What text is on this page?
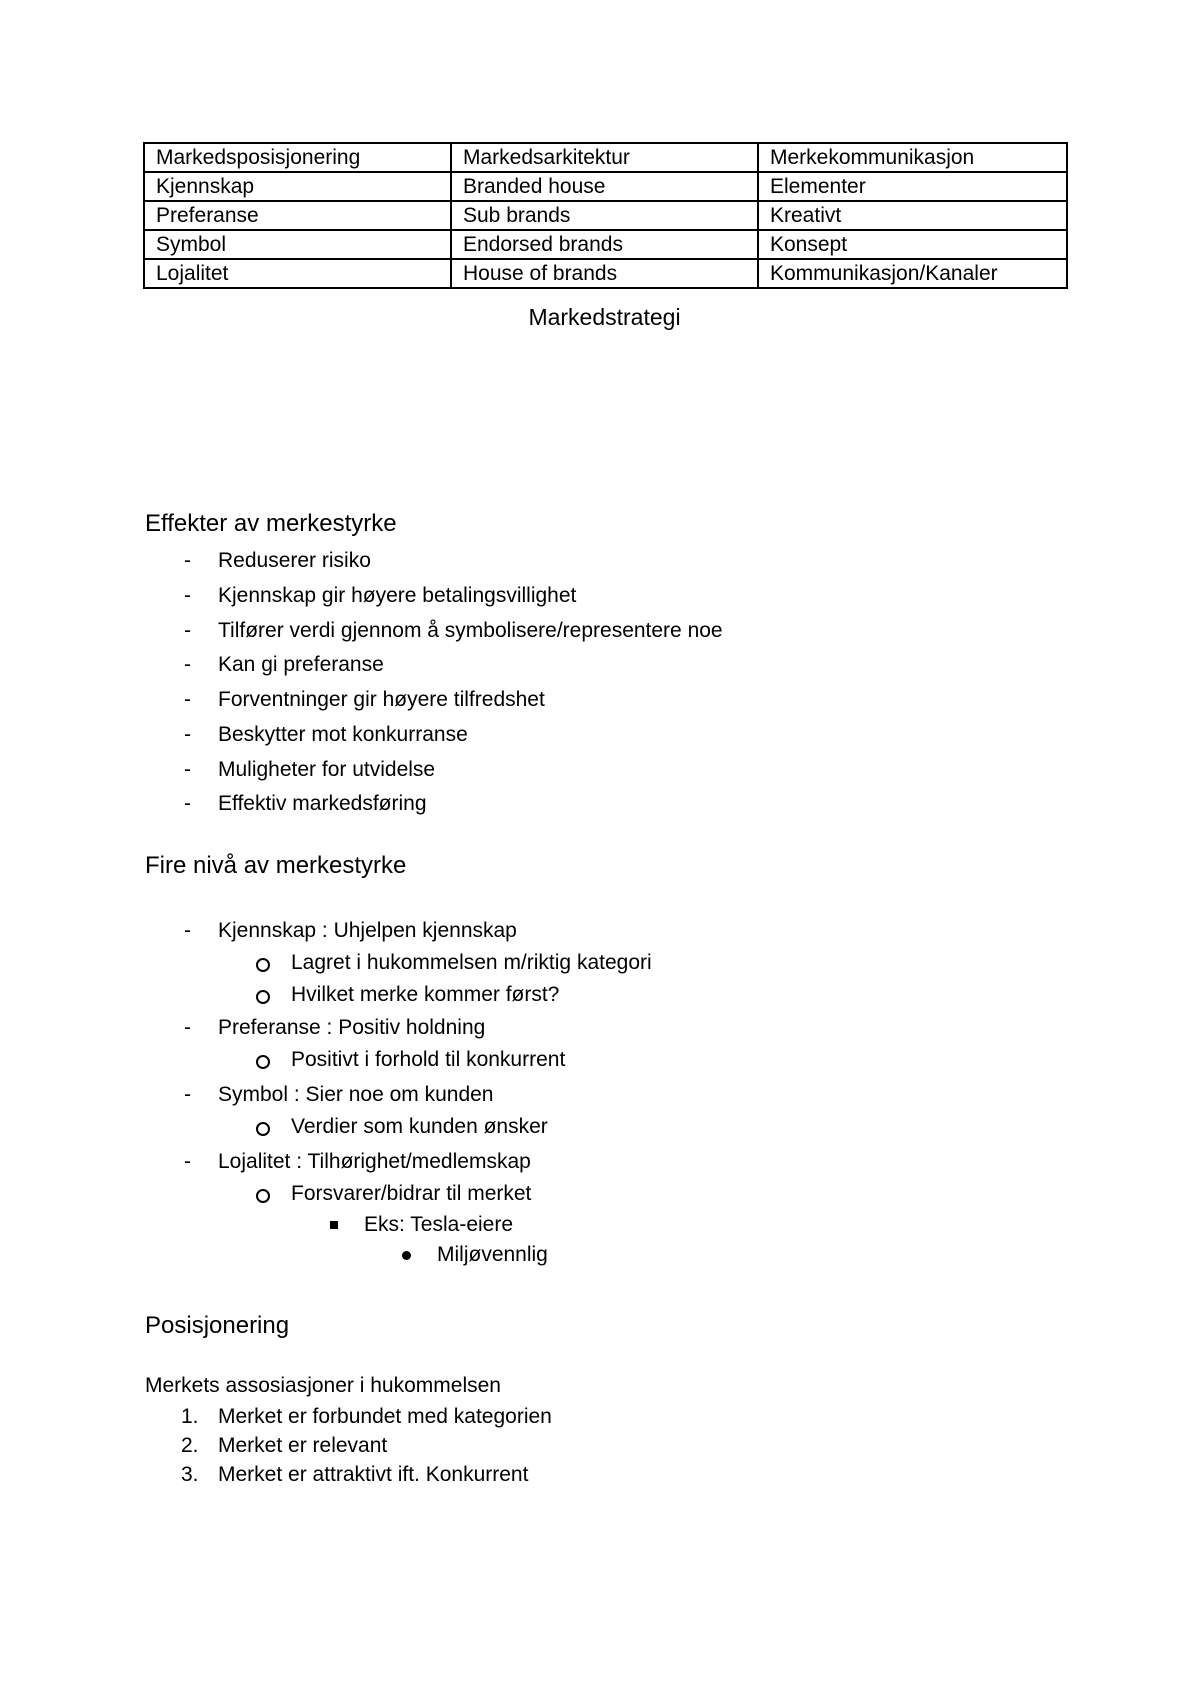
Markedsposisjonering	Markedsarkitektur	Merkekommunikasjon
Kjennskap	Branded house	Elementer
Preferanse	Sub brands	Kreativt
Symbol	Endorsed brands	Konsept
Lojalitet	House of brands	Kommunikasjon/Kanaler
Markedstrategi
Effekter av merkestyrke
- Reduserer risiko
- Kjennskap gir høyere betalingsvillighet
- Tilfører verdi gjennom å symbolisere/representere noe
- Kan gi preferanse
- Forventninger gir høyere tilfredshet
- Beskytter mot konkurranse
- Muligheter for utvidelse
- Effektiv markedsføring
Fire nivå av merkestyrke
- Kjennskap : Uhjelpen kjennskap
Lagret i hukommelsen m/riktig kategori
Hvilket merke kommer først?
- Preferanse : Positiv holdning
Positivt i forhold til konkurrent
- Symbol : Sier noe om kunden
Verdier som kunden ønsker
- Lojalitet : Tilhørighet/medlemskap
Forsvarer/bidrar til merket
Eks: Tesla-eiere
Miljøvennlig
Posisjonering

Merkets assosiasjoner i hukommelsen

1. Merket er forbundet med kategorien
2. Merket er relevant
3. Merket er attraktivt ift. Konkurrent
